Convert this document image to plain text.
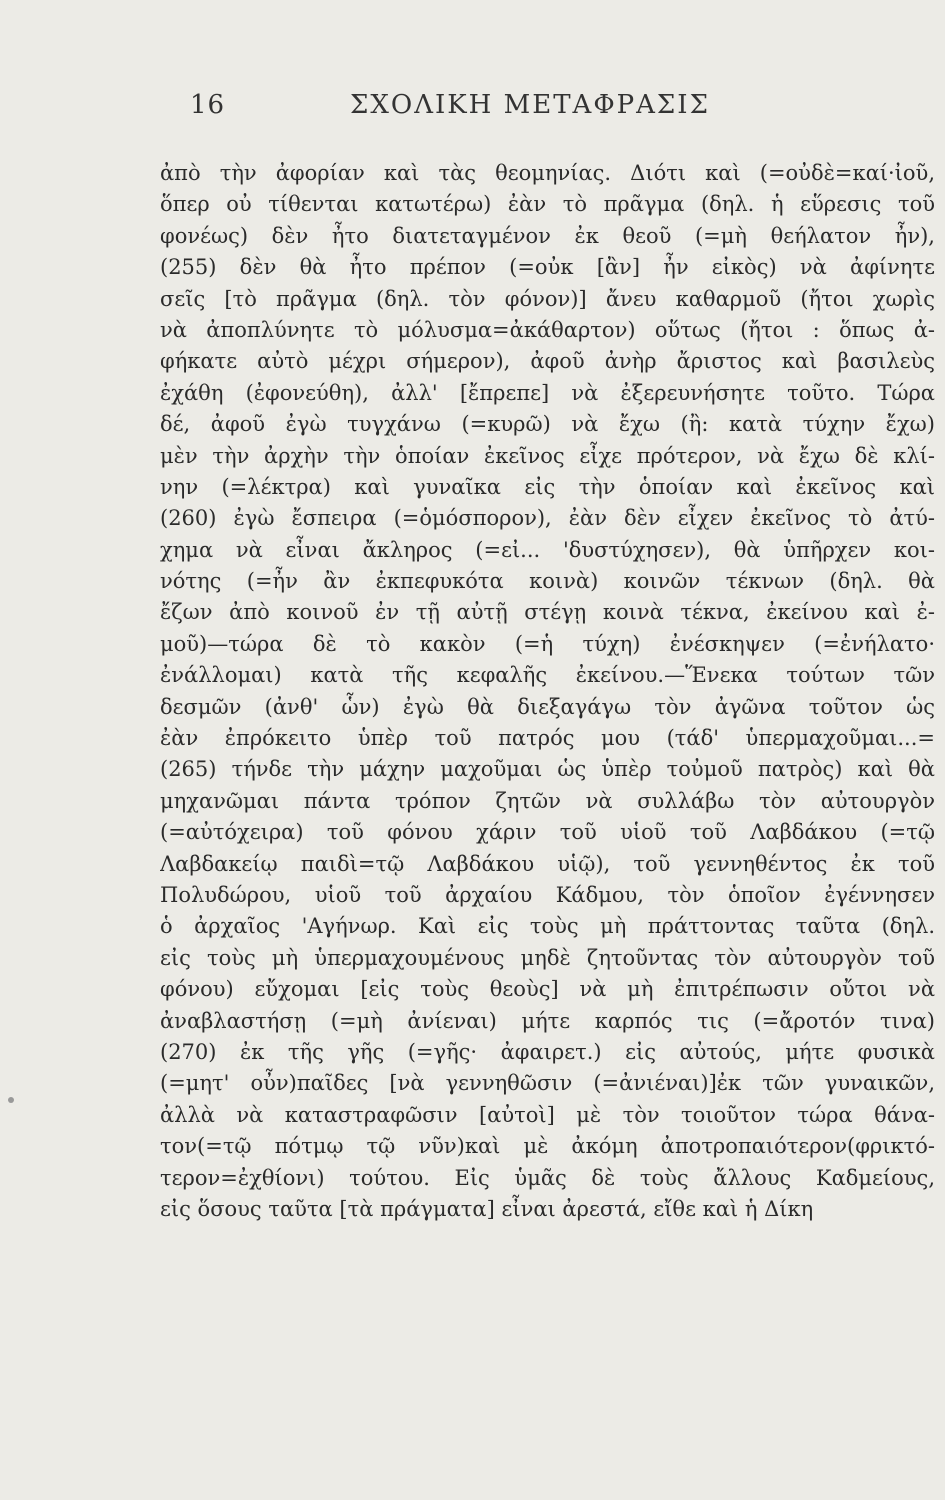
16	ΣΧΟΛΙΚΗ ΜΕΤΑΦΡΑΣΙΣ
ἀπὸ τὴν ἀφορίαν καὶ τὰς θεομηνίας. Διότι καὶ (=οὐδὲ=καί·ἰοῦ,
ὅπερ οὐ τίθενται κατωτέρω) ἐὰν τὸ πρᾶγμα (δηλ. ἡ εὕρεσις τοῦ
φονέως) δὲν ἦτο διατεταγμένον ἐκ θεοῦ (=μὴ θεήλατον ἦν),
(255) δὲν θὰ ἦτο πρέπον (=οὐκ [ἂν] ἦν εἰκὸς) νὰ ἀφίνητε
σεῖς [τὸ πρᾶγμα (δηλ. τὸν φόνον)] ἄνευ καθαρμοῦ (ἤτοι χωρὶς
νὰ ἀποπλύνητε τὸ μόλυσμα=ἀκάθαρτον) οὕτως (ἤτοι : ὅπως ἀ-
φήκατε αὐτὸ μέχρι σήμερον), ἀφοῦ ἀνὴρ ἄριστος καὶ βασιλεὺς
ἐχάθη (ἐφονεύθη), ἀλλ' [ἔπρεπε] νὰ ἐξερευνήσητε τοῦτο. Τώρα
δέ, ἀφοῦ ἐγὼ τυγχάνω (=κυρῶ) νὰ ἔχω (ἢ: κατὰ τύχην ἔχω)
μὲν τὴν ἀρχὴν τὴν ὁποίαν ἐκεῖνος εἶχε πρότερον, νὰ ἔχω δὲ κλί-
νην (=λέκτρα) καὶ γυναῖκα εἰς τὴν ὁποίαν καὶ ἐκεῖνος καὶ
(260) ἐγὼ ἔσπειρα (=ὁμόσπορον), ἐὰν δὲν εἶχεν ἐκεῖνος τὸ ἀτύ-
χημα νὰ εἶναι ἄκληρος (=εἰ... 'δυστύχησεν), θὰ ὑπῆρχεν κοι-
νότης (=ἦν ἂν ἐκπεφυκότα κοινὰ) κοινῶν τέκνων (δηλ. θὰ
ἔζων ἀπὸ κοινοῦ ἐν τῇ αὐτῇ στέγῃ κοινὰ τέκνα, ἐκείνου καὶ ἐ-
μοῦ)—τώρα δὲ τὸ κακὸν (=ἡ τύχη) ἐνέσκηψεν (=ἐνήλατο·
ἐνάλλομαι) κατὰ τῆς κεφαλῆς ἐκείνου.—Ἕνεκα τούτων τῶν
δεσμῶν (ἀνθ' ὧν) ἐγὼ θὰ διεξαγάγω τὸν ἀγῶνα τοῦτον ὡς
ἐὰν ἐπρόκειτο ὑπὲρ τοῦ πατρός μου (τάδ' ὑπερμαχοῦμαι...=
(265) τήνδε τὴν μάχην μαχοῦμαι ὡς ὑπὲρ τοὐμοῦ πατρὸς) καὶ θὰ
μηχανῶμαι πάντα τρόπον ζητῶν νὰ συλλάβω τὸν αὐτουργὸν
(=αὐτόχειρα) τοῦ φόνου χάριν τοῦ υἱοῦ τοῦ Λαβδάκου (=τῷ
Λαβδακείῳ παιδὶ=τῷ Λαβδάκου υἱῷ), τοῦ γεννηθέντος ἐκ τοῦ
Πολυδώρου, υἱοῦ τοῦ ἀρχαίου Κάδμου, τὸν ὁποῖον ἐγέννησεν
ὁ ἀρχαῖος 'Αγήνωρ. Καὶ εἰς τοὺς μὴ πράττοντας ταῦτα (δηλ.
εἰς τοὺς μὴ ὑπερμαχουμένους μηδὲ ζητοῦντας τὸν αὐτουργὸν τοῦ
φόνου) εὔχομαι [εἰς τοὺς θεοὺς] νὰ μὴ ἐπιτρέπωσιν οὔτοι νὰ
ἀναβλαστήσῃ (=μὴ ἀνίεναι) μήτε καρπός τις (=ἄροτόν τινα)
(270) ἐκ τῆς γῆς (=γῆς· ἀφαιρετ.) εἰς αὐτούς, μήτε φυσικὰ
(=μητ' οὖν)παῖδες [νὰ γεννηθῶσιν (=ἀνιέναι)]ἐκ τῶν γυναικῶν,
ἀλλὰ νὰ καταστραφῶσιν [αὐτοὶ] μὲ τὸν τοιοῦτον τώρα θάνα-
τον(=τῷ πότμῳ τῷ νῦν)καὶ μὲ ἀκόμη ἀποτροπαιότερον(φρικτό-
τερον=ἐχθίονι) τούτου. Εἰς ὑμᾶς δὲ τοὺς ἄλλους Καδμείους,
εἰς ὅσους ταῦτα [τὰ πράγματα] εἶναι ἀρεστά, εἴθε καὶ ἡ Δίκη
